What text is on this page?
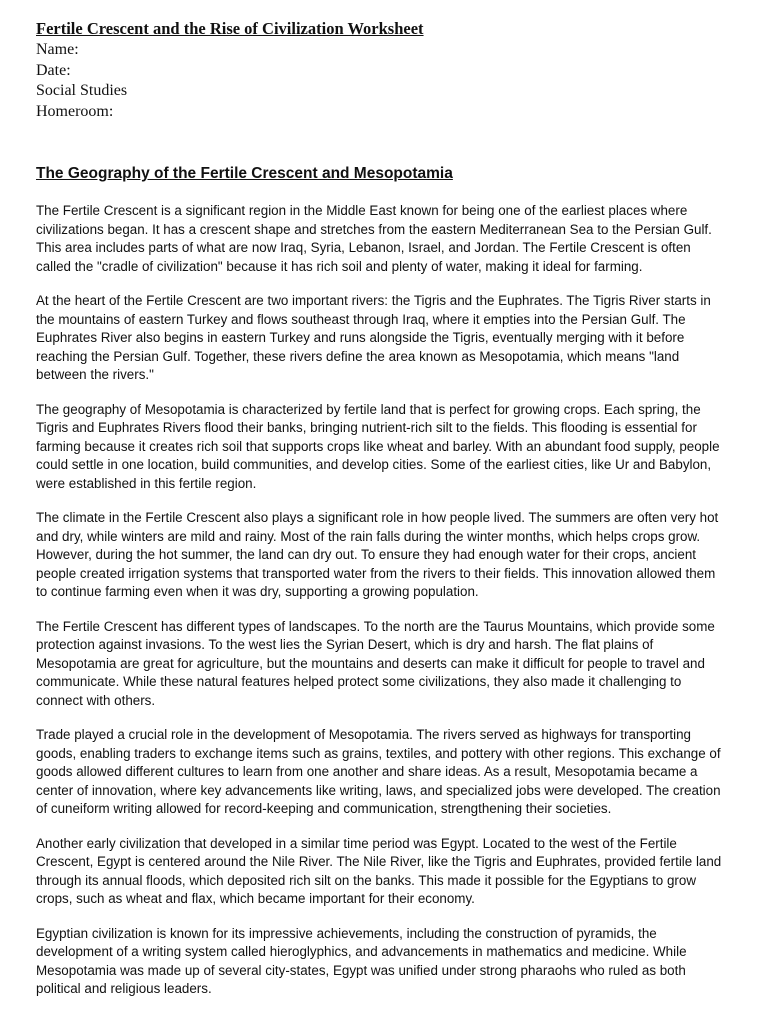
Fertile Crescent and the Rise of Civilization Worksheet

Name:

Date:

Social Studies

Homeroom:

The Geography of the Fertile Crescent and Mesopotamia

The Fertile Crescent is a significant region in the Middle East known for being one of the earliest places where civilizations began. It has a crescent shape and stretches from the eastern Mediterranean Sea to the Persian Gulf. This area includes parts of what are now Iraq, Syria, Lebanon, Israel, and Jordan. The Fertile Crescent is often called the "cradle of civilization" because it has rich soil and plenty of water, making it ideal for farming.

At the heart of the Fertile Crescent are two important rivers: the Tigris and the Euphrates. The Tigris River starts in the mountains of eastern Turkey and flows southeast through Iraq, where it empties into the Persian Gulf. The Euphrates River also begins in eastern Turkey and runs alongside the Tigris, eventually merging with it before reaching the Persian Gulf. Together, these rivers define the area known as Mesopotamia, which means "land between the rivers."

The geography of Mesopotamia is characterized by fertile land that is perfect for growing crops. Each spring, the Tigris and Euphrates Rivers flood their banks, bringing nutrient-rich silt to the fields. This flooding is essential for farming because it creates rich soil that supports crops like wheat and barley. With an abundant food supply, people could settle in one location, build communities, and develop cities. Some of the earliest cities, like Ur and Babylon, were established in this fertile region.

The climate in the Fertile Crescent also plays a significant role in how people lived. The summers are often very hot and dry, while winters are mild and rainy. Most of the rain falls during the winter months, which helps crops grow. However, during the hot summer, the land can dry out. To ensure they had enough water for their crops, ancient people created irrigation systems that transported water from the rivers to their fields. This innovation allowed them to continue farming even when it was dry, supporting a growing population.

The Fertile Crescent has different types of landscapes. To the north are the Taurus Mountains, which provide some protection against invasions. To the west lies the Syrian Desert, which is dry and harsh. The flat plains of Mesopotamia are great for agriculture, but the mountains and deserts can make it difficult for people to travel and communicate. While these natural features helped protect some civilizations, they also made it challenging to connect with others.

Trade played a crucial role in the development of Mesopotamia. The rivers served as highways for transporting goods, enabling traders to exchange items such as grains, textiles, and pottery with other regions. This exchange of goods allowed different cultures to learn from one another and share ideas. As a result, Mesopotamia became a center of innovation, where key advancements like writing, laws, and specialized jobs were developed. The creation of cuneiform writing allowed for record-keeping and communication, strengthening their societies.

Another early civilization that developed in a similar time period was Egypt. Located to the west of the Fertile Crescent, Egypt is centered around the Nile River. The Nile River, like the Tigris and Euphrates, provided fertile land through its annual floods, which deposited rich silt on the banks. This made it possible for the Egyptians to grow crops, such as wheat and flax, which became important for their economy.

Egyptian civilization is known for its impressive achievements, including the construction of pyramids, the development of a writing system called hieroglyphics, and advancements in mathematics and medicine. While Mesopotamia was made up of several city-states, Egypt was unified under strong pharaohs who ruled as both political and religious leaders.
